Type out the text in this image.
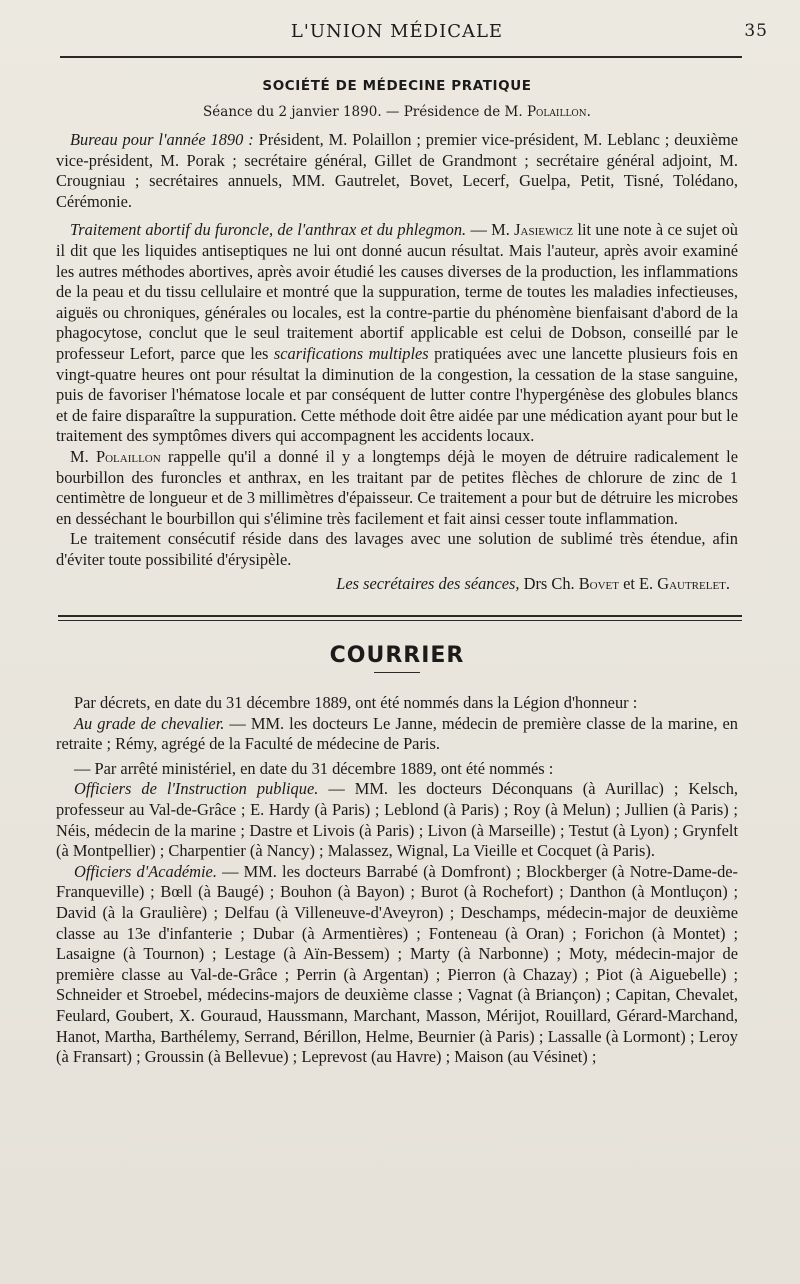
L'UNION MÉDICALE	35
SOCIÉTÉ DE MÉDECINE PRATIQUE
Séance du 2 janvier 1890. — Présidence de M. Polaillon.

Bureau pour l'année 1890 : Président, M. Polaillon ; premier vice-président, M. Leblanc ; deuxième vice-président, M. Porak ; secrétaire général, Gillet de Grandmont ; secrétaire général adjoint, M. Crougniau ; secrétaires annuels, MM. Gautrelet, Bovet, Lecerf, Guelpa, Petit, Tisné, Tolédano, Cérémonie.

Traitement abortif du furoncle, de l'anthrax et du phlegmon. — M. Jasiewicz lit une note à ce sujet où il dit que les liquides antiseptiques ne lui ont donné aucun résultat. Mais l'auteur, après avoir examiné les autres méthodes abortives, après avoir étudié les causes diverses de la production, les inflammations de la peau et du tissu cellulaire et montré que la suppuration, terme de toutes les maladies infectieuses, aiguës ou chroniques, générales ou locales, est la contre-partie du phénomène bienfaisant d'abord de la phagocytose, conclut que le seul traitement abortif applicable est celui de Dobson, conseillé par le professeur Lefort, parce que les scarifications multiples pratiquées avec une lancette plusieurs fois en vingt-quatre heures ont pour résultat la diminution de la congestion, la cessation de la stase sanguine, puis de favoriser l'hématose locale et par conséquent de lutter contre l'hypergénèse des globules blancs et de faire disparaître la suppuration. Cette méthode doit être aidée par une médication ayant pour but le traitement des symptômes divers qui accompagnent les accidents locaux.

M. Polaillon rappelle qu'il a donné il y a longtemps déjà le moyen de détruire radicalement le bourbillon des furoncles et anthrax, en les traitant par de petites flèches de chlorure de zinc de 1 centimètre de longueur et de 3 millimètres d'épaisseur. Ce traitement a pour but de détruire les microbes en desséchant le bourbillon qui s'élimine très facilement et fait ainsi cesser toute inflammation.

Le traitement consécutif réside dans des lavages avec une solution de sublimé très étendue, afin d'éviter toute possibilité d'érysipèle.

Les secrétaires des séances, Drs Ch. Bovet et E. Gautrelet.

COURRIER

Par décrets, en date du 31 décembre 1889, ont été nommés dans la Légion d'honneur :

Au grade de chevalier. — MM. les docteurs Le Janne, médecin de première classe de la marine, en retraite ; Rémy, agrégé de la Faculté de médecine de Paris.

— Par arrêté ministériel, en date du 31 décembre 1889, ont été nommés :

Officiers de l'Instruction publique. — MM. les docteurs Déconquans (à Aurillac) ; Kelsch, professeur au Val-de-Grâce ; E. Hardy (à Paris) ; Leblond (à Paris) ; Roy (à Melun) ; Jullien (à Paris) ; Néis, médecin de la marine ; Dastre et Livois (à Paris) ; Livon (à Marseille) ; Testut (à Lyon) ; Grynfelt (à Montpellier) ; Charpentier (à Nancy) ; Malassez, Wignal, La Vieille et Cocquet (à Paris).

Officiers d'Académie. — MM. les docteurs Barrabé (à Domfront) ; Blockberger (à Notre-Dame-de-Franqueville) ; Bœll (à Baugé) ; Bouhon (à Bayon) ; Burot (à Rochefort) ; Danthon (à Montluçon) ; David (à la Graulière) ; Delfau (à Villeneuve-d'Aveyron) ; Deschamps, médecin-major de deuxième classe au 13e d'infanterie ; Dubar (à Armentières) ; Fonteneau (à Oran) ; Forichon (à Montet) ; Lasaigne (à Tournon) ; Lestage (à Aïn-Bessem) ; Marty (à Narbonne) ; Moty, médecin-major de première classe au Val-de-Grâce ; Perrin (à Argentan) ; Pierron (à Chazay) ; Piot (à Aiguebelle) ; Schneider et Stroebel, médecins-majors de deuxième classe ; Vagnat (à Briançon) ; Capitan, Chevalet, Feulard, Goubert, X. Gouraud, Haussmann, Marchant, Masson, Mérijot, Rouillard, Gérard-Marchand, Hanot, Martha, Barthélemy, Serrand, Bérillon, Helme, Beurnier (à Paris) ; Lassalle (à Lormont) ; Leroy (à Fransart) ; Groussin (à Bellevue) ; Leprevost (au Havre) ; Maison (au Vésinet) ;
